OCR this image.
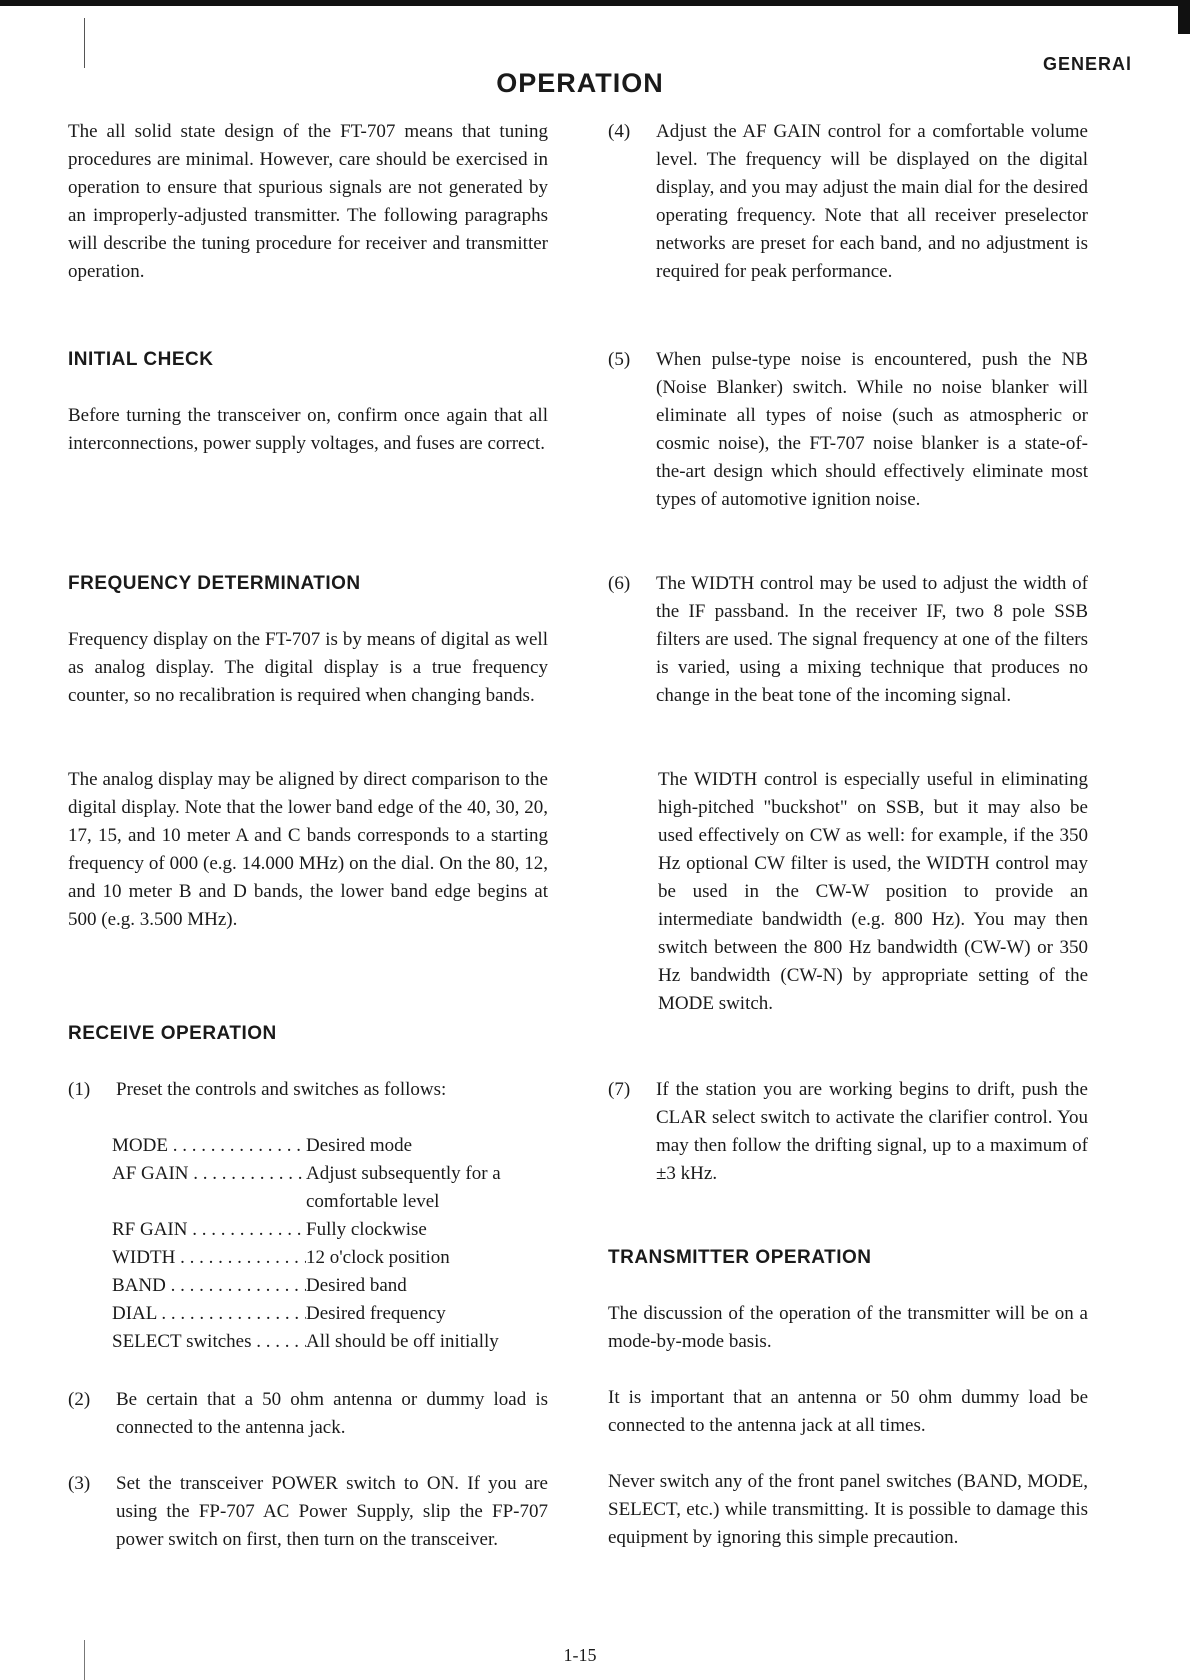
GENERAl
OPERATION

The all solid state design of the FT-707 means that tuning procedures are minimal. However, care should be exercised in operation to ensure that spurious signals are not generated by an improperly-adjusted transmitter. The following paragraphs will describe the tuning procedure for receiver and transmitter operation.

INITIAL CHECK

Before turning the transceiver on, confirm once again that all interconnections, power supply voltages, and fuses are correct.

FREQUENCY DETERMINATION

Frequency display on the FT-707 is by means of digital as well as analog display. The digital display is a true frequency counter, so no recalibration is required when changing bands.

The analog display may be aligned by direct comparison to the digital display. Note that the lower band edge of the 40, 30, 20, 17, 15, and 10 meter A and C bands corresponds to a starting frequency of 000 (e.g. 14.000 MHz) on the dial. On the 80, 12, and 10 meter B and D bands, the lower band edge begins at 500 (e.g. 3.500 MHz).

RECEIVE OPERATION
(1)	Preset the controls and switches as follows:

MODE . . .	Desired mode
AF GAIN . . .	Adjust subsequently for a comfortable level
RF GAIN . . .	Fully clockwise
WIDTH . . .	12 o'clock position
BAND . . .	Desired band
DIAL . . .	Desired frequency
SELECT switches . . .	All should be off initially
(2)	Be certain that a 50 ohm antenna or dummy load is connected to the antenna jack.

(3)	Set the transceiver POWER switch to ON. If you are using the FP-707 AC Power Supply, slip the FP-707 power switch on first, then turn on the transceiver.

(4)	Adjust the AF GAIN control for a comfortable volume level. The frequency will be displayed on the digital display, and you may adjust the main dial for the desired operating frequency. Note that all receiver preselector networks are preset for each band, and no adjustment is required for peak performance.

(5)	When pulse-type noise is encountered, push the NB (Noise Blanker) switch. While no noise blanker will eliminate all types of noise (such as atmospheric or cosmic noise), the FT-707 noise blanker is a state-of-the-art design which should effectively eliminate most types of automotive ignition noise.

(6)	The WIDTH control may be used to adjust the width of the IF passband. In the receiver IF, two 8 pole SSB filters are used. The signal frequency at one of the filters is varied, using a mixing technique that produces no change in the beat tone of the incoming signal.

The WIDTH control is especially useful in eliminating high-pitched "buckshot" on SSB, but it may also be used effectively on CW as well: for example, if the 350 Hz optional CW filter is used, the WIDTH control may be used in the CW-W position to provide an intermediate bandwidth (e.g. 800 Hz). You may then switch between the 800 Hz bandwidth (CW-W) or 350 Hz bandwidth (CW-N) by appropriate setting of the MODE switch.

(7)	If the station you are working begins to drift, push the CLAR select switch to activate the clarifier control. You may then follow the drifting signal, up to a maximum of ±3 kHz.

TRANSMITTER OPERATION

The discussion of the operation of the transmitter will be on a mode-by-mode basis.

It is important that an antenna or 50 ohm dummy load be connected to the antenna jack at all times.

Never switch any of the front panel switches (BAND, MODE, SELECT, etc.) while transmitting. It is possible to damage this equipment by ignoring this simple precaution.

1-15
